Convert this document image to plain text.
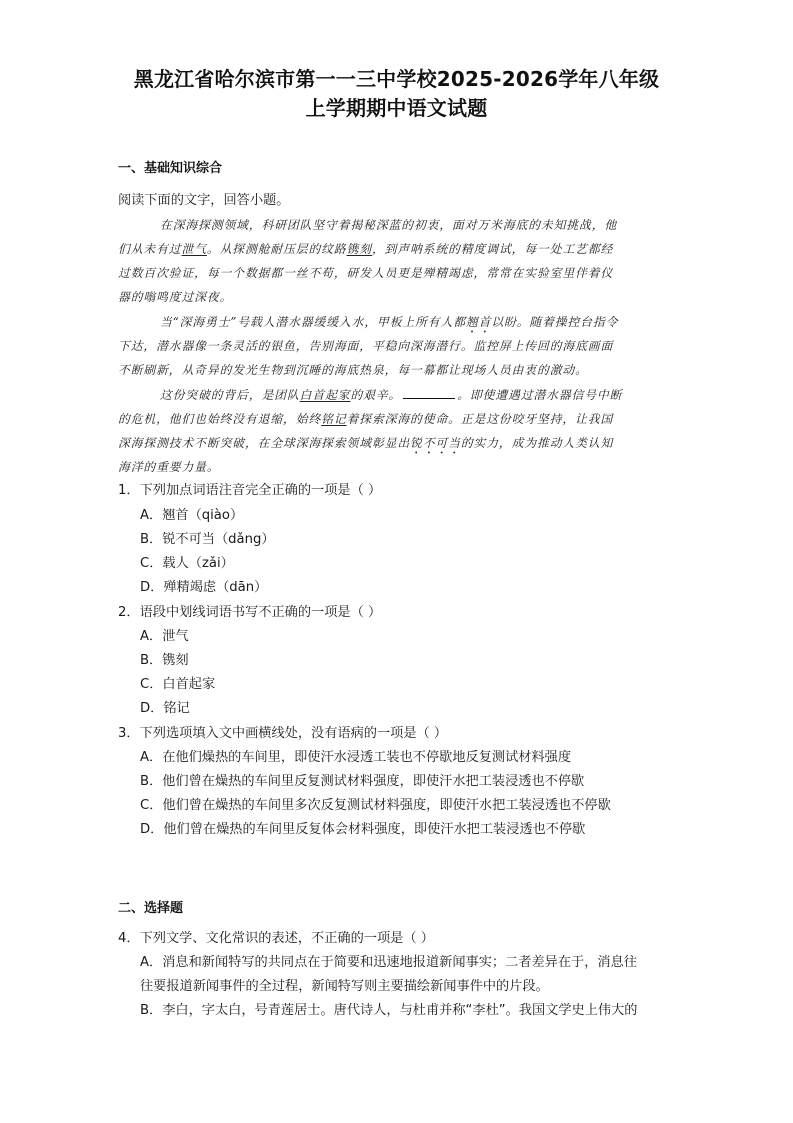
黑龙江省哈尔滨市第一一三中学校2025-2026学年八年级
上学期期中语文试题
一、基础知识综合
阅读下面的文字，回答小题。
在深海探测领域，科研团队坚守着揭秘深蓝的初衷，面对万米海底的未知挑战，他
们从未有过泄气。从探测舱耐压层的纹路镌刻，到声呐系统的精度调试，每一处工艺都经
过数百次验证，每一个数据都一丝不苟，研发人员更是殚精竭虑，常常在实验室里伴着仪
器的嗡鸣度过深夜。
当“深海勇士”号载人潜水器缓缓入水，甲板上所有人都翘首以盼。随着操控台指令
下达，潜水器像一条灵活的银鱼，告别海面，平稳向深海潜行。监控屏上传回的海底画面
不断刷新，从奇异的发光生物到沉睡的海底热泉，每一幕都让现场人员由衷的激动。
这份突破的背后，是团队白首起家的艰辛。	。即使遭遇过潜水器信号中断
的危机，他们也始终没有退缩，始终铭记着探索深海的使命。正是这份咬牙坚持，让我国
深海探测技术不断突破，在全球深海探索领域彰显出锐不可当的实力，成为推动人类认知
海洋的重要力量。
1．下列加点词语注音完全正确的一项是（ ）
A．翘首（qiào）
B．锐不可当（dǎng）
C．载人（zǎi）
D．殚精竭虑（dān）
2．语段中划线词语书写不正确的一项是（ ）
A．泄气
B．镌刻
C．白首起家
D．铭记
3．下列选项填入文中画横线处，没有语病的一项是（ ）
A．在他们燥热的车间里，即使汗水浸透工装也不停歇地反复测试材料强度
B．他们曾在燥热的车间里反复测试材料强度，即使汗水把工装浸透也不停歇
C．他们曾在燥热的车间里多次反复测试材料强度，即使汗水把工装浸透也不停歇
D．他们曾在燥热的车间里反复体会材料强度，即使汗水把工装浸透也不停歇
二、选择题
4．下列文学、文化常识的表述，不正确的一项是（ ）
A．消息和新闻特写的共同点在于简要和迅速地报道新闻事实；二者差异在于，消息往
往要报道新闻事件的全过程，新闻特写则主要描绘新闻事件中的片段。
B．李白，字太白，号青莲居士。唐代诗人，与杜甫并称“李杜”。我国文学史上伟大的
